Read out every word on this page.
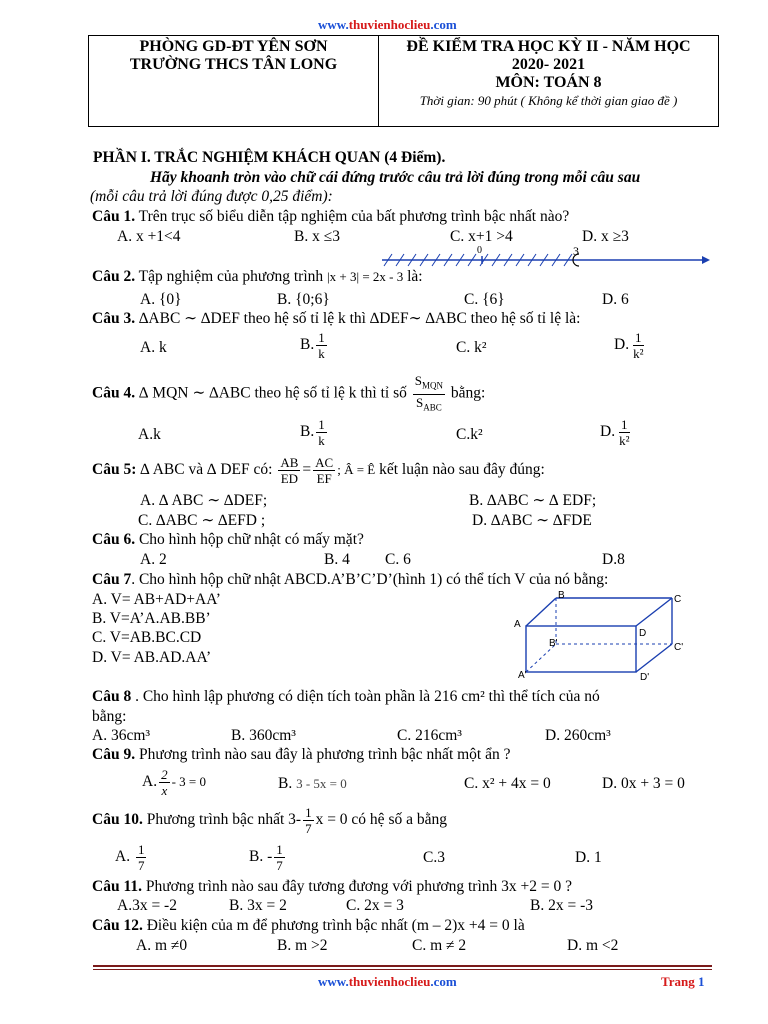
www.thuvienhoclieu.com
PHÒNG GD-ĐT YÊN SƠN
TRƯỜNG THCS TÂN LONG

ĐỀ KIỂM TRA HỌC KỲ II - NĂM HỌC
2020- 2021
MÔN: TOÁN 8
Thời gian: 90 phút ( Không kể thời gian giao đề )
PHẦN I. TRẮC NGHIỆM KHÁCH QUAN (4 Điểm).
Hãy khoanh tròn vào chữ cái đứng trước câu trả lời đúng trong mỗi câu sau
(mỗi câu trả lời đúng được 0,25 điểm):
Câu 1. Trên trục số biểu diễn tập nghiệm của bất phương trình bậc nhất nào?
A. x +1<4	B. x ≤3	C. x+1 >4	D. x ≥3
0	3
Câu 2. Tập nghiệm của phương trình |x + 3| = 2x - 3 là:
A. {0}	B. {0;6}	C. {6}	D. 6
Câu 3. ∆ABC ∼ ∆DEF theo hệ số tỉ lệ k thì ∆DEF∼ ∆ABC theo hệ số tỉ lệ là:
A. k	B. $\frac{1}{k}$	C. k²	D. $\frac{1}{\text{k²}}$
Câu 4. ∆ MQN ∼ ∆ABC theo hệ số tỉ lệ k thì tỉ số $\frac{S_{MQN}}{S_{ABC}}$ bằng:
A.k	B. $\frac{1}{k}$	C.k²	D. $\frac{1}{\text{k²}}$
Câu 5: ∆ ABC và ∆ DEF có: $\frac{AB}{ED} = \frac{AC}{EF}$ ; Â = Ê kết luận nào sau đây đúng:
A. ∆ ABC ∼ ∆DEF;	B. ∆ABC ∼ ∆ EDF;
C. ∆ABC ∼ ∆EFD ;	D. ∆ABC ∼ ∆FDE
Câu 6. Cho hình hộp chữ nhật có mấy mặt?
A. 2	B. 4 C. 6	D.8
Câu 7. Cho hình hộp chữ nhật ABCD.A’B’C’D’(hình 1) có thể tích V của nó bằng:
A. V= AB+AD+AA’
B. V=A’A.AB.BB’
C. V=AB.BC.CD
D. V= AB.AD.AA’
A
B	C
D
A'
B'	C'
D'
Câu 8 . Cho hình lập phương có diện tích toàn phần là 216 cm² thì thể tích của nó
bằng:
A. 36cm³	B. 360cm³	C. 216cm³	D. 260cm³
Câu 9. Phương trình nào sau đây là phương trình bậc nhất một ẩn ?
A. $\frac{2}{x} - 3 = 0$	B. 3 - 5x = 0	C. x² + 4x = 0	D. 0x + 3 = 0
Câu 10. Phương trình bậc nhất $3- \frac{1}{7}$ x = 0 có hệ số a bằng
A. $\frac{1}{7}$	B. - $\frac{1}{7}$	C.3	D. 1
Câu 11. Phương trình nào sau đây tương đương với phương trình 3x +2 = 0 ?
A.3x = -2	B. 3x = 2	C. 2x = 3	B. 2x = -3
Câu 12. Điều kiện của m để phương trình bậc nhất (m – 2)x +4 = 0 là
A. m ≠0	B. m >2	C. m ≠ 2	D. m <2
www.thuvienhoclieu.com	Trang 1
